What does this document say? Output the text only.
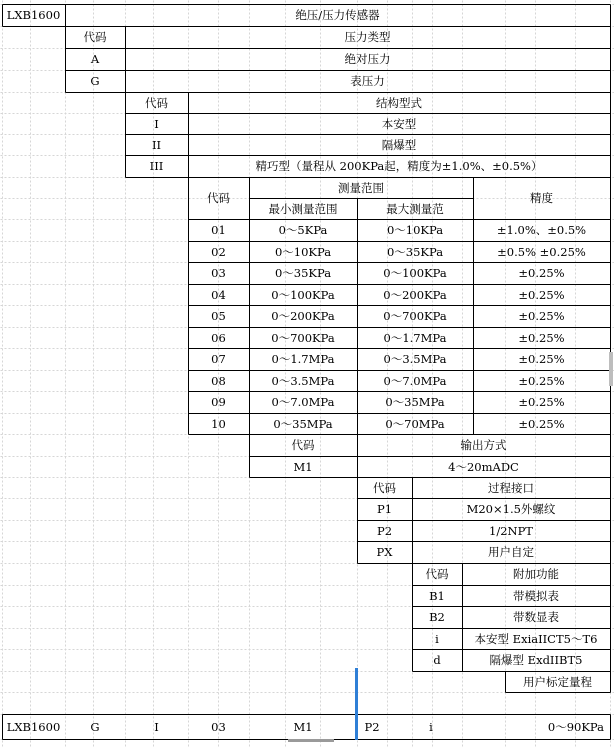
LXB1600	绝压/压力传感器
代码	压力类型
A	绝对压力
G	表压力
代码	结构型式
I	本安型
II	隔爆型
III	精巧型（量程从 200KPa起，精度为±1.0%、±0.5%）
代码
测量范围
最小测量范围	最大测量范
精度
01	0～5KPa	0～10KPa	±1.0%、±0.5%
02	0～10KPa	0～35KPa	±0.5% ±0.25%
03	0～35KPa	0～100KPa	±0.25%
04	0～100KPa	0～200KPa	±0.25%
05	0～200KPa	0～700KPa	±0.25%
06	0～700KPa	0～1.7MPa	±0.25%
07	0～1.7MPa	0～3.5MPa	±0.25%
08	0～3.5MPa	0～7.0MPa	±0.25%
09	0～7.0MPa	0～35MPa	±0.25%
10	0～35MPa	0～70MPa	±0.25%
代码	输出方式
M1	4～20mADC
代码	过程接口
P1	M20×1.5外螺纹
P2	1/2NPT
PX	用户自定
代码	附加功能
B1	带模拟表
B2	带数显表
i	本安型 ExiaIICT5～T6
d	隔爆型 ExdIIBT5
用户标定量程
LXB1600	G	I	03	M1	P2	i	0～90KPa
